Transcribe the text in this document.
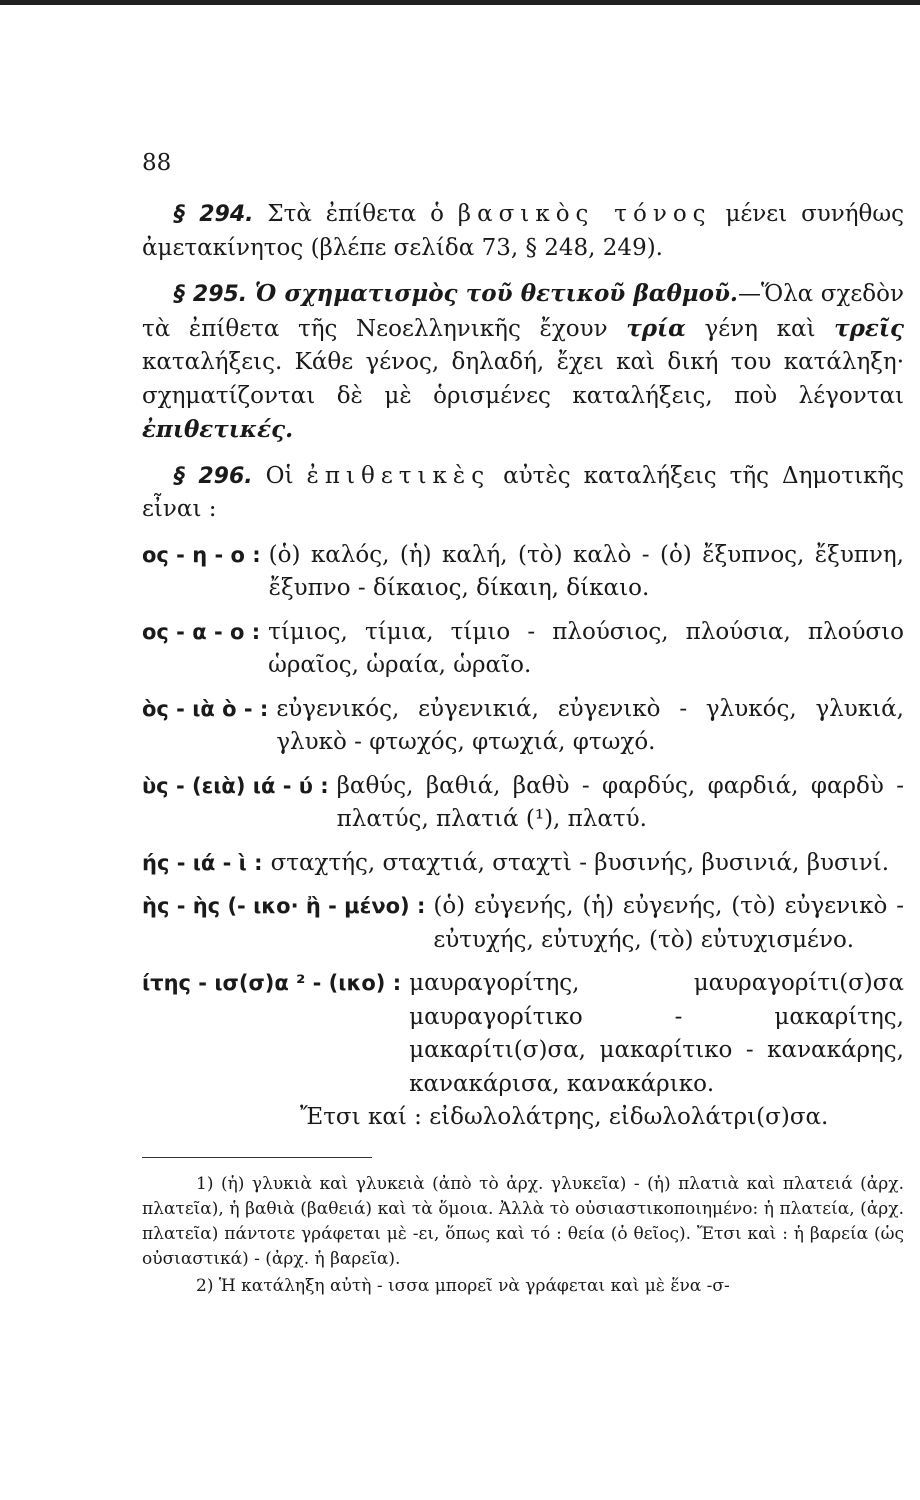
88
§ 294. Στὰ ἐπίθετα ὁ βασικὸς τόνος μένει συνήθως ἀμετακίνητος (βλέπε σελίδα 73, § 248, 249).
§ 295. Ὁ σχηματισμὸς τοῦ θετικοῦ βαθμοῦ.—Ὅλα σχεδὸν τὰ ἐπίθετα τῆς Νεοελληνικῆς ἔχουν τρία γένη καὶ τρεῖς καταλήξεις. Κάθε γένος, δηλαδή, ἔχει καὶ δική του κατάληξη· σχηματίζονται δὲ μὲ ὁρισμένες καταλήξεις, ποὺ λέγονται ἐπιθετικές.
§ 296. Οἱ ἐπιθετικὲς αὐτὲς καταλήξεις τῆς Δημοτικῆς εἶναι :
ος - η - ο : (ὁ) καλός, (ἡ) καλή, (τὸ) καλὸ - (ὁ) ἔξυπνος, ἔξυπνη, ἔξυπνο - δίκαιος, δίκαιη, δίκαιο.
ος - α - ο : τίμιος, τίμια, τίμιο - πλούσιος, πλούσια, πλούσιο ὡραῖος, ὡραία, ὡραῖο.
ὸς - ιὰ ὸ - : εὐγενικός, εὐγενικιά, εὐγενικὸ - γλυκός, γλυκιά, γλυκὸ - φτωχός, φτωχιά, φτωχό.
ὺς - (ειὰ) ιά - ύ : βαθύς, βαθιά, βαθὺ - φαρδύς, φαρδιά, φαρδὺ - πλατύς, πλατιά (¹), πλατύ.
ής - ιά - ὶ : σταχτής, σταχτιά, σταχτὶ - βυσινής, βυσινιά, βυσινί.
ὴς - ὴς (- ικο· ἢ - μένο) : (ὁ) εὐγενής, (ἡ) εὐγενής, (τὸ) εὐγενικὸ - εὐτυχής, εὐτυχής, (τὸ) εὐτυχισμένο.
ίτης - ισ(σ)α ² - (ικο) : μαυραγορίτης, μαυραγορίτι(σ)σα μαυραγορίτικο - μακαρίτης, μακαρίτι(σ)σα, μακαρίτικο - κανακάρης, κανακάρισα, κανακάρικο.
Ἔτσι καί : εἰδωλολάτρης, εἰδωλολάτρι(σ)σα.
1) (ἡ) γλυκιὰ καὶ γλυκειὰ (ἀπὸ τὸ ἀρχ. γλυκεῖα) - (ἡ) πλατιὰ καὶ πλατειά (ἀρχ. πλατεῖα), ἡ βαθιὰ (βαθειά) καὶ τὰ ὅμοια. Ἀλλὰ τὸ οὐσιαστικοποιημένο: ἡ πλατεία, (ἀρχ. πλατεῖα) πάντοτε γράφεται μὲ -ει, ὅπως καὶ τό : θεία (ὁ θεῖος). Ἔτσι καὶ : ἡ βαρεία (ὡς οὐσιαστικά) - (ἀρχ. ἡ βαρεῖα).
2) Ἡ κατάληξη αὐτὴ - ισσα μπορεῖ νὰ γράφεται καὶ μὲ ἕνα -σ-
